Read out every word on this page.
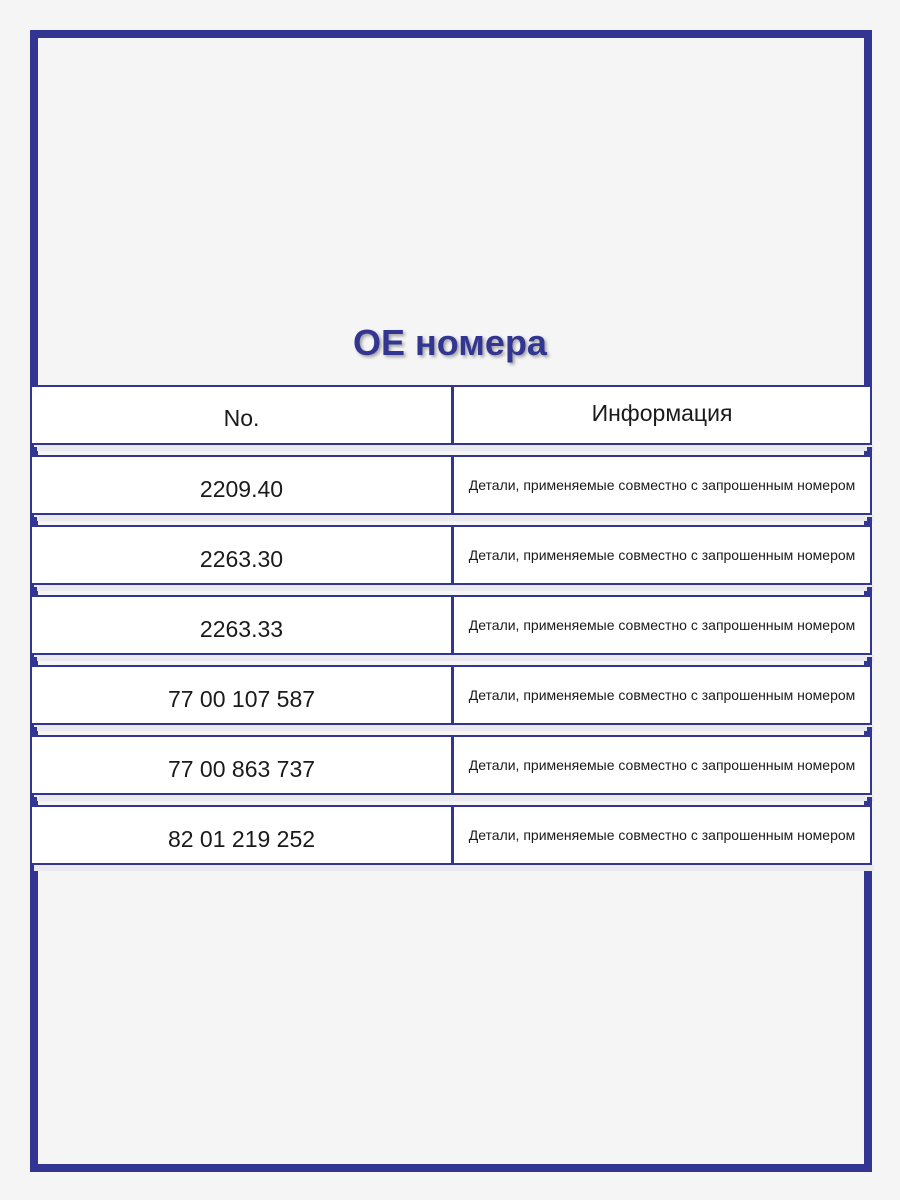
OE номера
No.	Информация
2209.40	Детали, применяемые совместно с запрошенным номером
2263.30	Детали, применяемые совместно с запрошенным номером
2263.33	Детали, применяемые совместно с запрошенным номером
77 00 107 587	Детали, применяемые совместно с запрошенным номером
77 00 863 737	Детали, применяемые совместно с запрошенным номером
82 01 219 252	Детали, применяемые совместно с запрошенным номером
